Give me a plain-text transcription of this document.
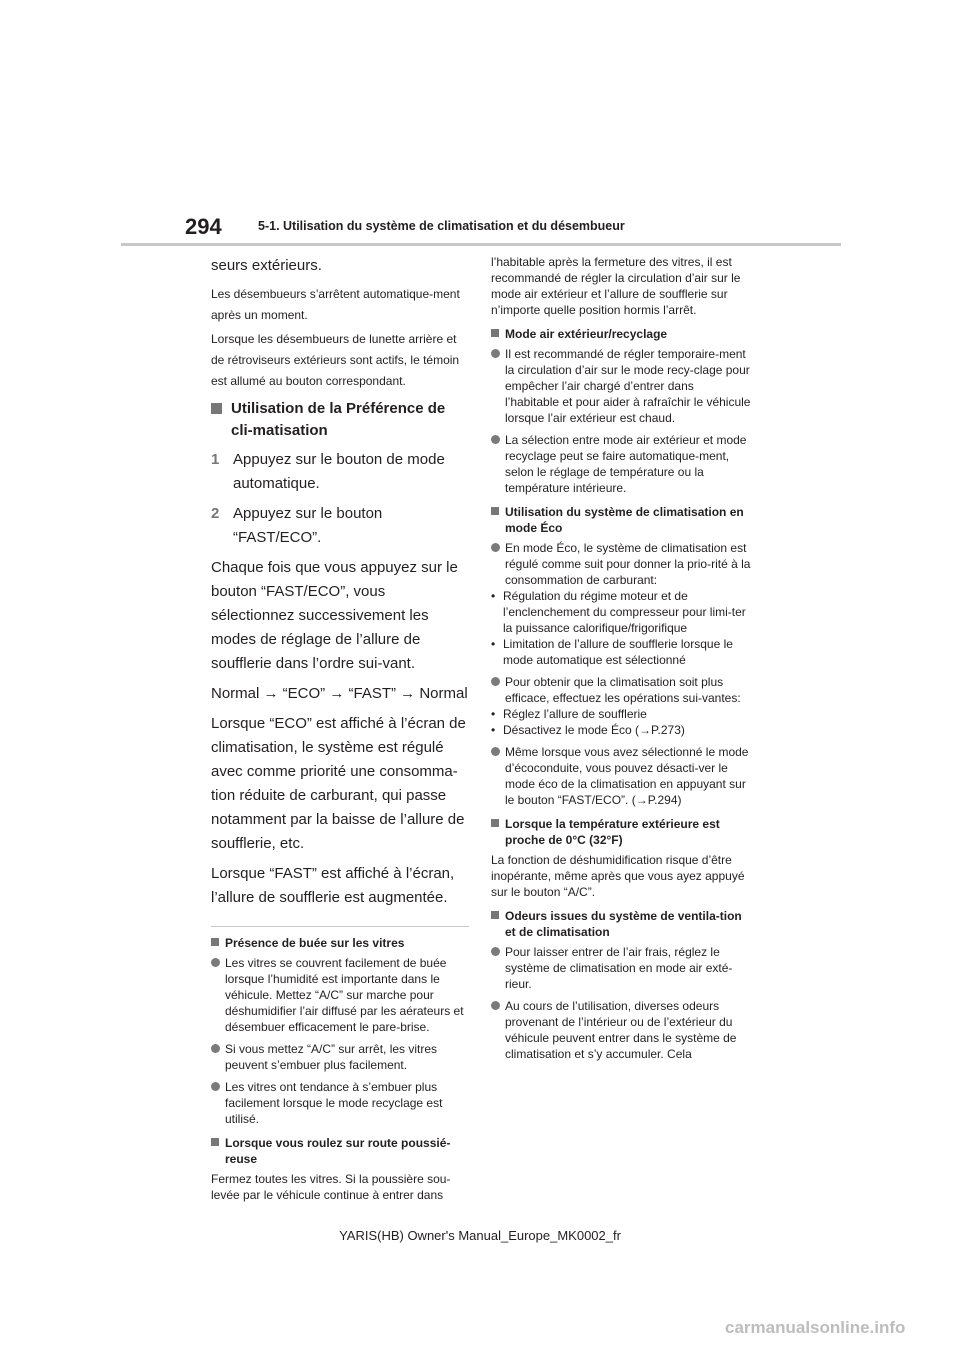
294	5-1. Utilisation du système de climatisation et du désembueur

seurs extérieurs.

Les désembueurs s’arrêtent automatique-ment après un moment.

Lorsque les désembueurs de lunette arrière et de rétroviseurs extérieurs sont actifs, le témoin est allumé au bouton correspondant.

Utilisation de la Préférence de cli-matisation
1 Appuyez sur le bouton de mode automatique.
2 Appuyez sur le bouton “FAST/ECO”.

Chaque fois que vous appuyez sur le bouton “FAST/ECO”, vous sélectionnez successivement les modes de réglage de l’allure de soufflerie dans l’ordre sui-vant.

Normal → “ECO” → “FAST” → Normal

Lorsque “ECO” est affiché à l’écran de climatisation, le système est régulé avec comme priorité une consomma-tion réduite de carburant, qui passe notamment par la baisse de l’allure de soufflerie, etc.

Lorsque “FAST” est affiché à l’écran, l’allure de soufflerie est augmentée.

Présence de buée sur les vitres
Les vitres se couvrent facilement de buée lorsque l’humidité est importante dans le véhicule. Mettez “A/C” sur marche pour déshumidifier l’air diffusé par les aérateurs et désembuer efficacement le pare-brise.
Si vous mettez “A/C” sur arrêt, les vitres peuvent s’embuer plus facilement.
Les vitres ont tendance à s’embuer plus facilement lorsque le mode recyclage est utilisé.
Lorsque vous roulez sur route poussié-reuse

Fermez toutes les vitres. Si la poussière sou-levée par le véhicule continue à entrer dans

l’habitable après la fermeture des vitres, il est recommandé de régler la circulation d’air sur le mode air extérieur et l’allure de soufflerie sur n’importe quelle position hormis l’arrêt.

Mode air extérieur/recyclage
Il est recommandé de régler temporaire-ment la circulation d’air sur le mode recy-clage pour empêcher l’air chargé d’entrer dans l’habitable et pour aider à rafraîchir le véhicule lorsque l’air extérieur est chaud.
La sélection entre mode air extérieur et mode recyclage peut se faire automatique-ment, selon le réglage de température ou la température intérieure.
Utilisation du système de climatisation en mode Éco
En mode Éco, le système de climatisation est régulé comme suit pour donner la prio-rité à la consommation de carburant:
• Régulation du régime moteur et de l’enclenchement du compresseur pour limi-ter la puissance calorifique/frigorifique
• Limitation de l’allure de soufflerie lorsque le mode automatique est sélectionné
Pour obtenir que la climatisation soit plus efficace, effectuez les opérations sui-vantes:
• Réglez l’allure de soufflerie
• Désactivez le mode Éco (→P.273)
Même lorsque vous avez sélectionné le mode d’écoconduite, vous pouvez désacti-ver le mode éco de la climatisation en appuyant sur le bouton “FAST/ECO”. (→P.294)
Lorsque la température extérieure est proche de 0°C (32°F)

La fonction de déshumidification risque d’être inopérante, même après que vous ayez appuyé sur le bouton “A/C”.

Odeurs issues du système de ventila-tion et de climatisation
Pour laisser entrer de l’air frais, réglez le système de climatisation en mode air exté-rieur.
Au cours de l’utilisation, diverses odeurs provenant de l’intérieur ou de l’extérieur du véhicule peuvent entrer dans le système de climatisation et s’y accumuler. Cela
YARIS(HB) Owner's Manual_Europe_MK0002_fr
carmanualsonline.info
